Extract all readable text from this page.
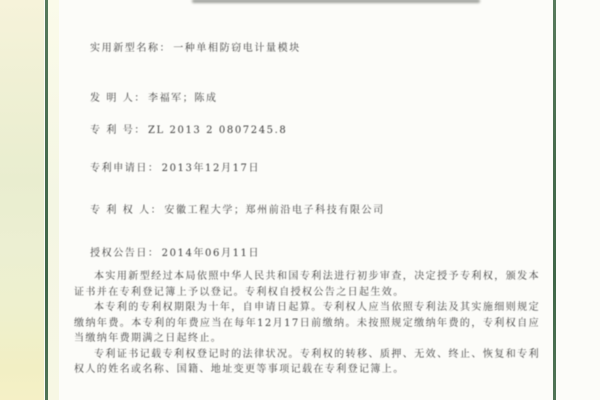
实用新型名称： 一种单相防窃电计量模块
发 明 人： 李福军；陈成
专 利 号： ZL 2013 2 0807245.8
专利申请日： 2013年12月17日
专 利 权 人： 安徽工程大学；郑州前沿电子科技有限公司
授权公告日： 2014年06月11日

本实用新型经过本局依照中华人民共和国专利法进行初步审查，决定授予专利权，颁发本证书并在专利登记簿上予以登记。专利权自授权公告之日起生效。

本专利的专利权期限为十年，自申请日起算。专利权人应当依照专利法及其实施细则规定缴纳年费。本专利的年费应当在每年12月17日前缴纳。未按照规定缴纳年费的，专利权自应当缴纳年费期满之日起终止。

专利证书记载专利权登记时的法律状况。专利权的转移、质押、无效、终止、恢复和专利权人的姓名或名称、国籍、地址变更等事项记载在专利登记簿上。
